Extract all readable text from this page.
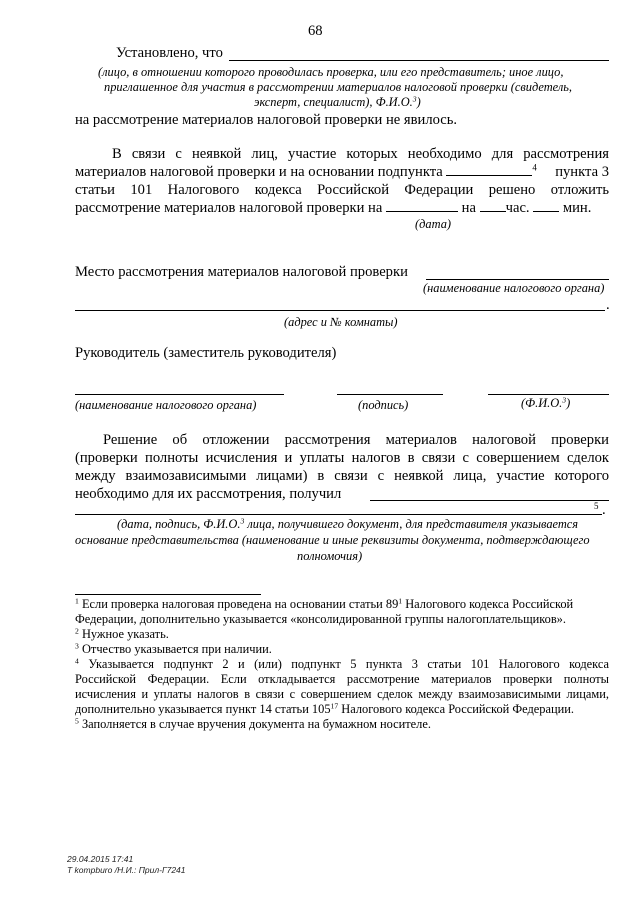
68
Установлено, что
(лицо, в отношении которого проводилась проверка, или его представитель; иное лицо,
приглашенное для участия в рассмотрении материалов налоговой проверки (свидетель,
эксперт, специалист), Ф.И.О.$^3$)
на рассмотрение материалов налоговой проверки не явилось.
В связи с неявкой лиц, участие которых необходимо для рассмотрения
материалов налоговой проверки и на основании подпункта	$^4$ пункта 3
статьи 101 Налогового кодекса Российской Федерации решено отложить
рассмотрение материалов налоговой проверки на	на час. мин.
(дата)
Место рассмотрения материалов налоговой проверки
(наименование налогового органа)
.
(адрес и № комнаты)
Руководитель (заместитель руководителя)
(наименование налогового органа)	(подпись)	(Ф.И.О.$^3$)
Решение об отложении рассмотрения материалов налоговой проверки
(проверки полноты исчисления и уплаты налогов в связи с совершением сделок
между взаимозависимыми лицами) в связи с неявкой лица, участие которого
необходимо для их рассмотрения, получил
5 .
(дата, подпись, Ф.И.О.$^3$ лица, получившего документ, для представителя указывается
основание представительства (наименование и иные реквизиты документа, подтверждающего
полномочия)
$^1$ Если проверка налоговая проведена на основании статьи $89^1$ Налогового кодекса Российской
Федерации, дополнительно указывается «консолидированной группы налогоплательщиков».
$^2$ Нужное указать.
$^3$ Отчество указывается при наличии.
$^4$ Указывается подпункт 2 и (или) подпункт 5 пункта 3 статьи 101 Налогового кодекса
Российской Федерации. Если откладывается рассмотрение материалов проверки полноты
исчисления и уплаты налогов в связи с совершением сделок между взаимозависимыми лицами,
дополнительно указывается пункт 14 статьи $105^{17}$ Налогового кодекса Российской Федерации.
$^5$ Заполняется в случае вручения документа на бумажном носителе.
29.04.2015 17:41
Т kompburo /Н.И.: Прил-Г7241
